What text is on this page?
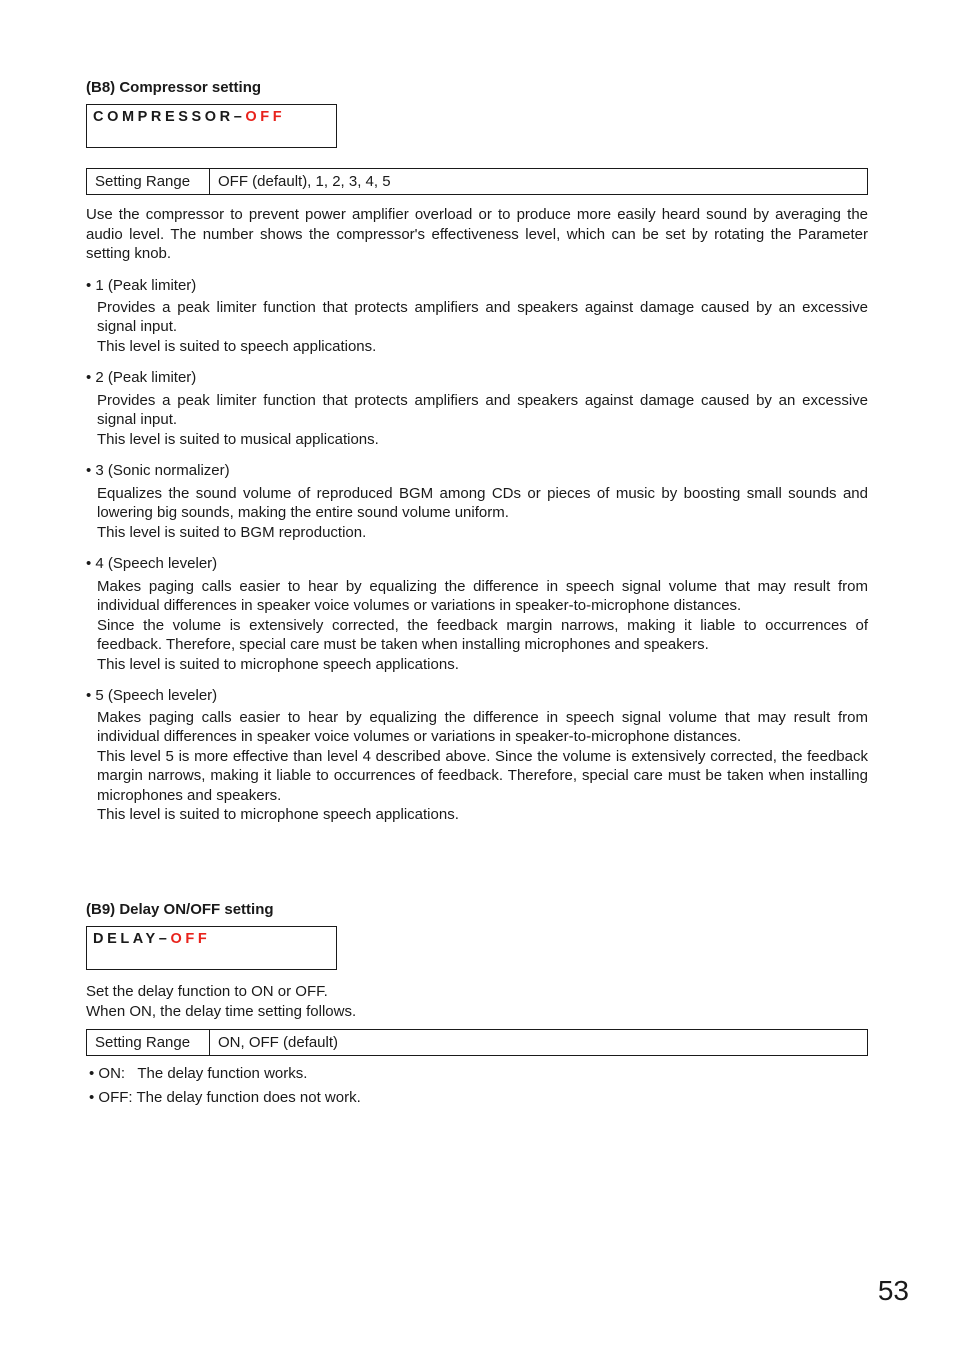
(B8) Compressor setting
COMPRESSOR–OFF
Setting Range	OFF (default), 1, 2, 3, 4, 5
Use the compressor to prevent power amplifier overload or to produce more easily heard sound by averaging the audio level. The number shows the compressor's effectiveness level, which can be set by rotating the Parameter setting knob.
• 1 (Peak limiter)

Provides a peak limiter function that protects amplifiers and speakers against damage caused by an excessive signal input.

This level is suited to speech applications.

• 2 (Peak limiter)

Provides a peak limiter function that protects amplifiers and speakers against damage caused by an excessive signal input.

This level is suited to musical applications.

• 3 (Sonic normalizer)

Equalizes the sound volume of reproduced BGM among CDs or pieces of music by boosting small sounds and lowering big sounds, making the entire sound volume uniform.

This level is suited to BGM reproduction.

• 4 (Speech leveler)

Makes paging calls easier to hear by equalizing the difference in speech signal volume that may result from individual differences in speaker voice volumes or variations in speaker-to-microphone distances.

Since the volume is extensively corrected, the feedback margin narrows, making it liable to occurrences of feedback. Therefore, special care must be taken when installing microphones and speakers.

This level is suited to microphone speech applications.

• 5 (Speech leveler)

Makes paging calls easier to hear by equalizing the difference in speech signal volume that may result from individual differences in speaker voice volumes or variations in speaker-to-microphone distances.

This level 5 is more effective than level 4 described above. Since the volume is extensively corrected, the feedback margin narrows, making it liable to occurrences of feedback. Therefore, special care must be taken when installing microphones and speakers.

This level is suited to microphone speech applications.

(B9) Delay ON/OFF setting
DELAY–OFF
Set the delay function to ON or OFF.
When ON, the delay time setting follows.
Setting Range	ON, OFF (default)
• ON:   The delay function works.
• OFF: The delay function does not work.
53
